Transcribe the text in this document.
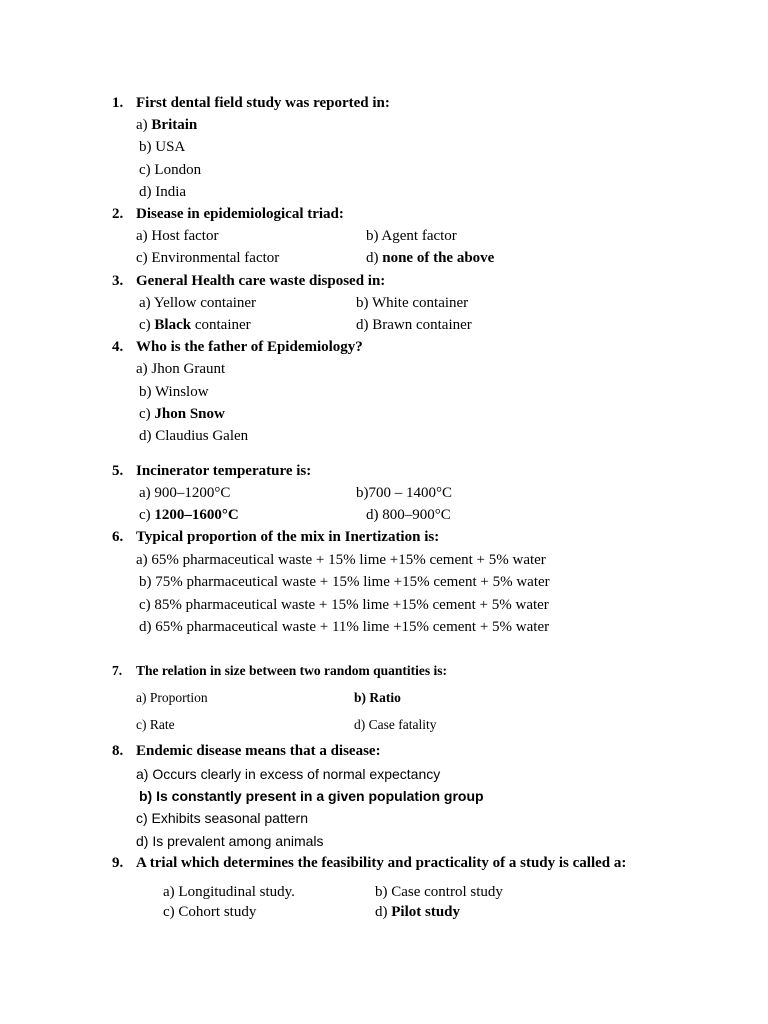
1. First dental field study was reported in:
a) Britain
b) USA
c) London
d) India
2. Disease in epidemiological triad:
a) Host factor	b) Agent factor
c) Environmental factor	d) none of the above
3. General Health care waste disposed in:
a) Yellow container	b) White container
c) Black container	d) Brawn container
4. Who is the father of Epidemiology?
a) Jhon Graunt
b) Winslow
c) Jhon Snow
d) Claudius Galen
5. Incinerator temperature is:
a) 900–1200°C	b)700 – 1400°C
c) 1200–1600°C	d) 800–900°C
6. Typical proportion of the mix in Inertization is:
a) 65% pharmaceutical waste + 15% lime +15% cement + 5% water
b) 75% pharmaceutical waste + 15% lime +15% cement + 5% water
c) 85% pharmaceutical waste + 15% lime +15% cement + 5% water
d) 65% pharmaceutical waste + 11% lime +15% cement + 5% water
7. The relation in size between two random quantities is:
a) Proportion	b) Ratio
c) Rate	d) Case fatality
8. Endemic disease means that a disease:
a) Occurs clearly in excess of normal expectancy
b) Is constantly present in a given population group
c) Exhibits seasonal pattern
d) Is prevalent among animals
9. A trial which determines the feasibility and practicality of a study is called a:
a) Longitudinal study.	b) Case control study
c) Cohort study	d) Pilot study
